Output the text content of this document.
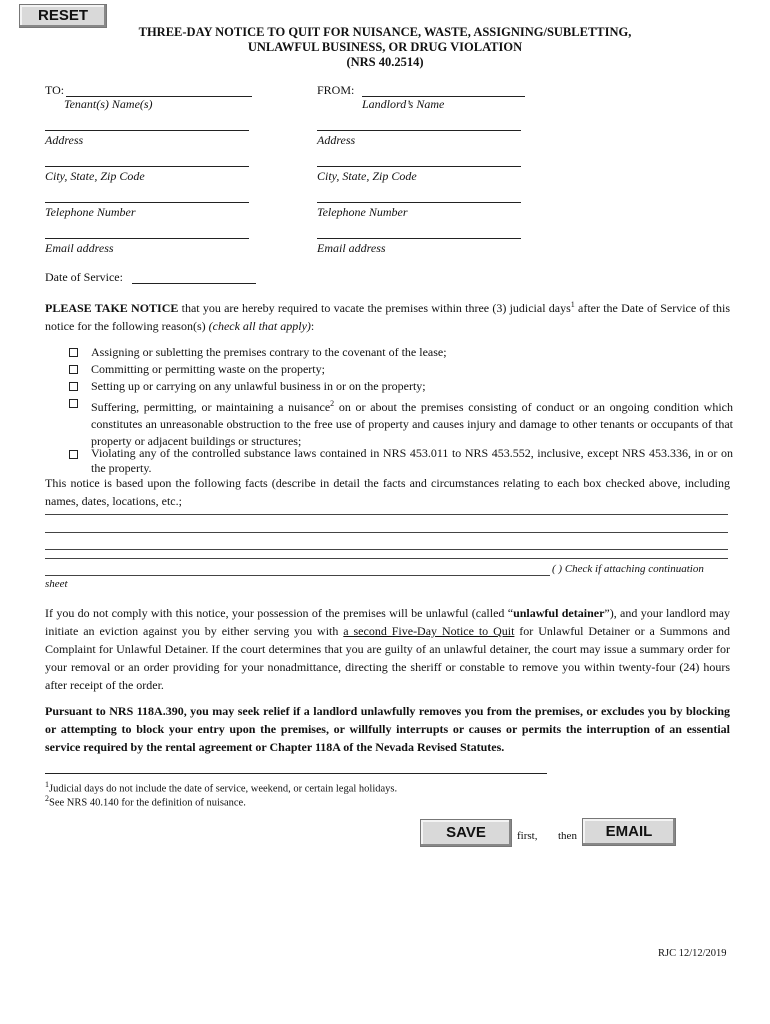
RESET
THREE-DAY NOTICE TO QUIT FOR NUISANCE, WASTE, ASSIGNING/SUBLETTING,
UNLAWFUL BUSINESS, OR DRUG VIOLATION
(NRS 40.2514)
TO:
Tenant(s) Name(s)
Address
City, State, Zip Code
Telephone Number
Email address
FROM:
Landlord’s Name
Address
City, State, Zip Code
Telephone Number
Email address
Date of Service:
PLEASE TAKE NOTICE that you are hereby required to vacate the premises within three (3) judicial days$^1$ after the Date of Service of this notice for the following reason(s) (check all that apply):
Assigning or subletting the premises contrary to the covenant of the lease;
Committing or permitting waste on the property;
Setting up or carrying on any unlawful business in or on the property;
Suffering, permitting, or maintaining a nuisance$^2$ on or about the premises consisting of conduct or an ongoing condition which constitutes an unreasonable obstruction to the free use of property and causes injury and damage to other tenants or occupants of that property or adjacent buildings or structures;
Violating any of the controlled substance laws contained in NRS 453.011 to NRS 453.552, inclusive, except NRS 453.336, in or on the property.
This notice is based upon the following facts (describe in detail the facts and circumstances relating to each box checked above, including names, dates, locations, etc.;
( ) Check if attaching continuation
sheet
If you do not comply with this notice, your possession of the premises will be unlawful (called “unlawful detainer”), and your landlord may initiate an eviction against you by either serving you with a second Five-Day Notice to Quit for Unlawful Detainer or a Summons and Complaint for Unlawful Detainer. If the court determines that you are guilty of an unlawful detainer, the court may issue a summary order for your removal or an order providing for your nonadmittance, directing the sheriff or constable to remove you within twenty-four (24) hours after receipt of the order.
Pursuant to NRS 118A.390, you may seek relief if a landlord unlawfully removes you from the premises, or excludes you by blocking or attempting to block your entry upon the premises, or willfully interrupts or causes or permits the interruption of an essential service required by the rental agreement or Chapter 118A of the Nevada Revised Statutes.
$^1$Judicial days do not include the date of service, weekend, or certain legal holidays.
$^2$See NRS 40.140 for the definition of nuisance.
SAVE	first, then	EMAIL
RJC 12/12/2019
